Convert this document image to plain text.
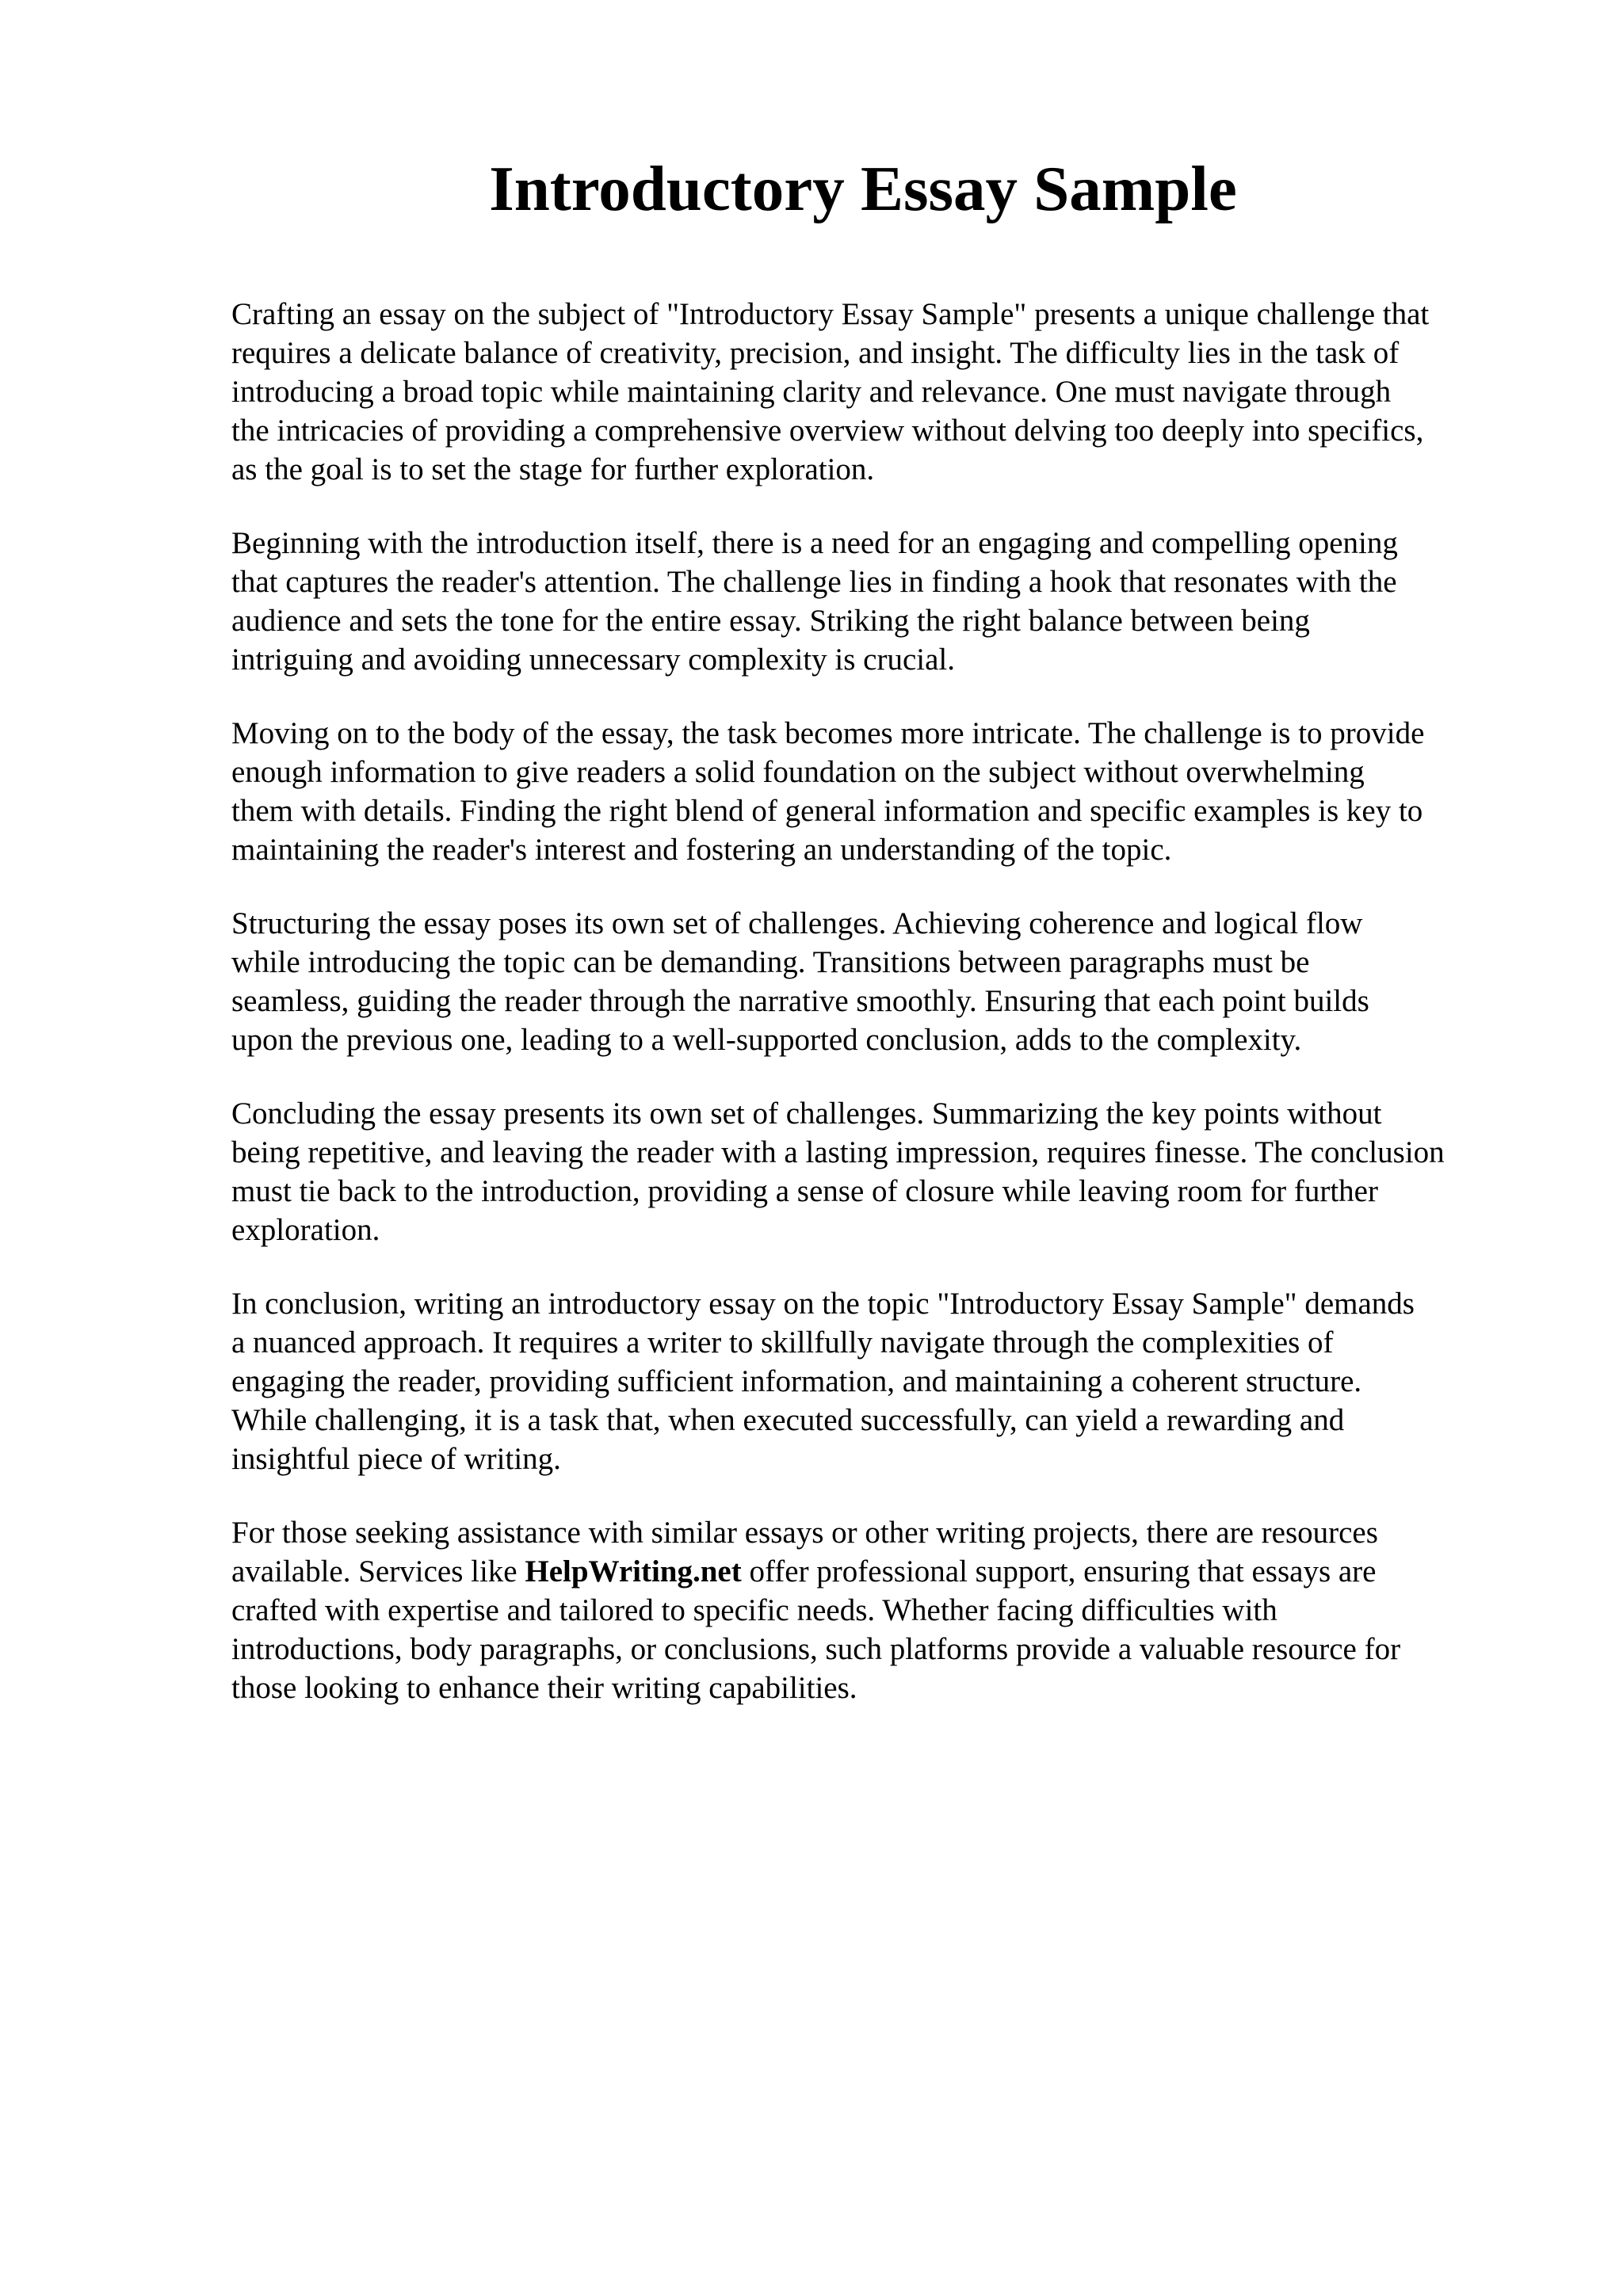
Introductory Essay Sample

Crafting an essay on the subject of "Introductory Essay Sample" presents a unique challenge that
requires a delicate balance of creativity, precision, and insight. The difficulty lies in the task of
introducing a broad topic while maintaining clarity and relevance. One must navigate through
the intricacies of providing a comprehensive overview without delving too deeply into specifics,
as the goal is to set the stage for further exploration.

Beginning with the introduction itself, there is a need for an engaging and compelling opening
that captures the reader's attention. The challenge lies in finding a hook that resonates with the
audience and sets the tone for the entire essay. Striking the right balance between being
intriguing and avoiding unnecessary complexity is crucial.

Moving on to the body of the essay, the task becomes more intricate. The challenge is to provide
enough information to give readers a solid foundation on the subject without overwhelming
them with details. Finding the right blend of general information and specific examples is key to
maintaining the reader's interest and fostering an understanding of the topic.

Structuring the essay poses its own set of challenges. Achieving coherence and logical flow
while introducing the topic can be demanding. Transitions between paragraphs must be
seamless, guiding the reader through the narrative smoothly. Ensuring that each point builds
upon the previous one, leading to a well-supported conclusion, adds to the complexity.

Concluding the essay presents its own set of challenges. Summarizing the key points without
being repetitive, and leaving the reader with a lasting impression, requires finesse. The conclusion
must tie back to the introduction, providing a sense of closure while leaving room for further
exploration.

In conclusion, writing an introductory essay on the topic "Introductory Essay Sample" demands
a nuanced approach. It requires a writer to skillfully navigate through the complexities of
engaging the reader, providing sufficient information, and maintaining a coherent structure.
While challenging, it is a task that, when executed successfully, can yield a rewarding and
insightful piece of writing.

For those seeking assistance with similar essays or other writing projects, there are resources
available. Services like HelpWriting.net offer professional support, ensuring that essays are
crafted with expertise and tailored to specific needs. Whether facing difficulties with
introductions, body paragraphs, or conclusions, such platforms provide a valuable resource for
those looking to enhance their writing capabilities.
